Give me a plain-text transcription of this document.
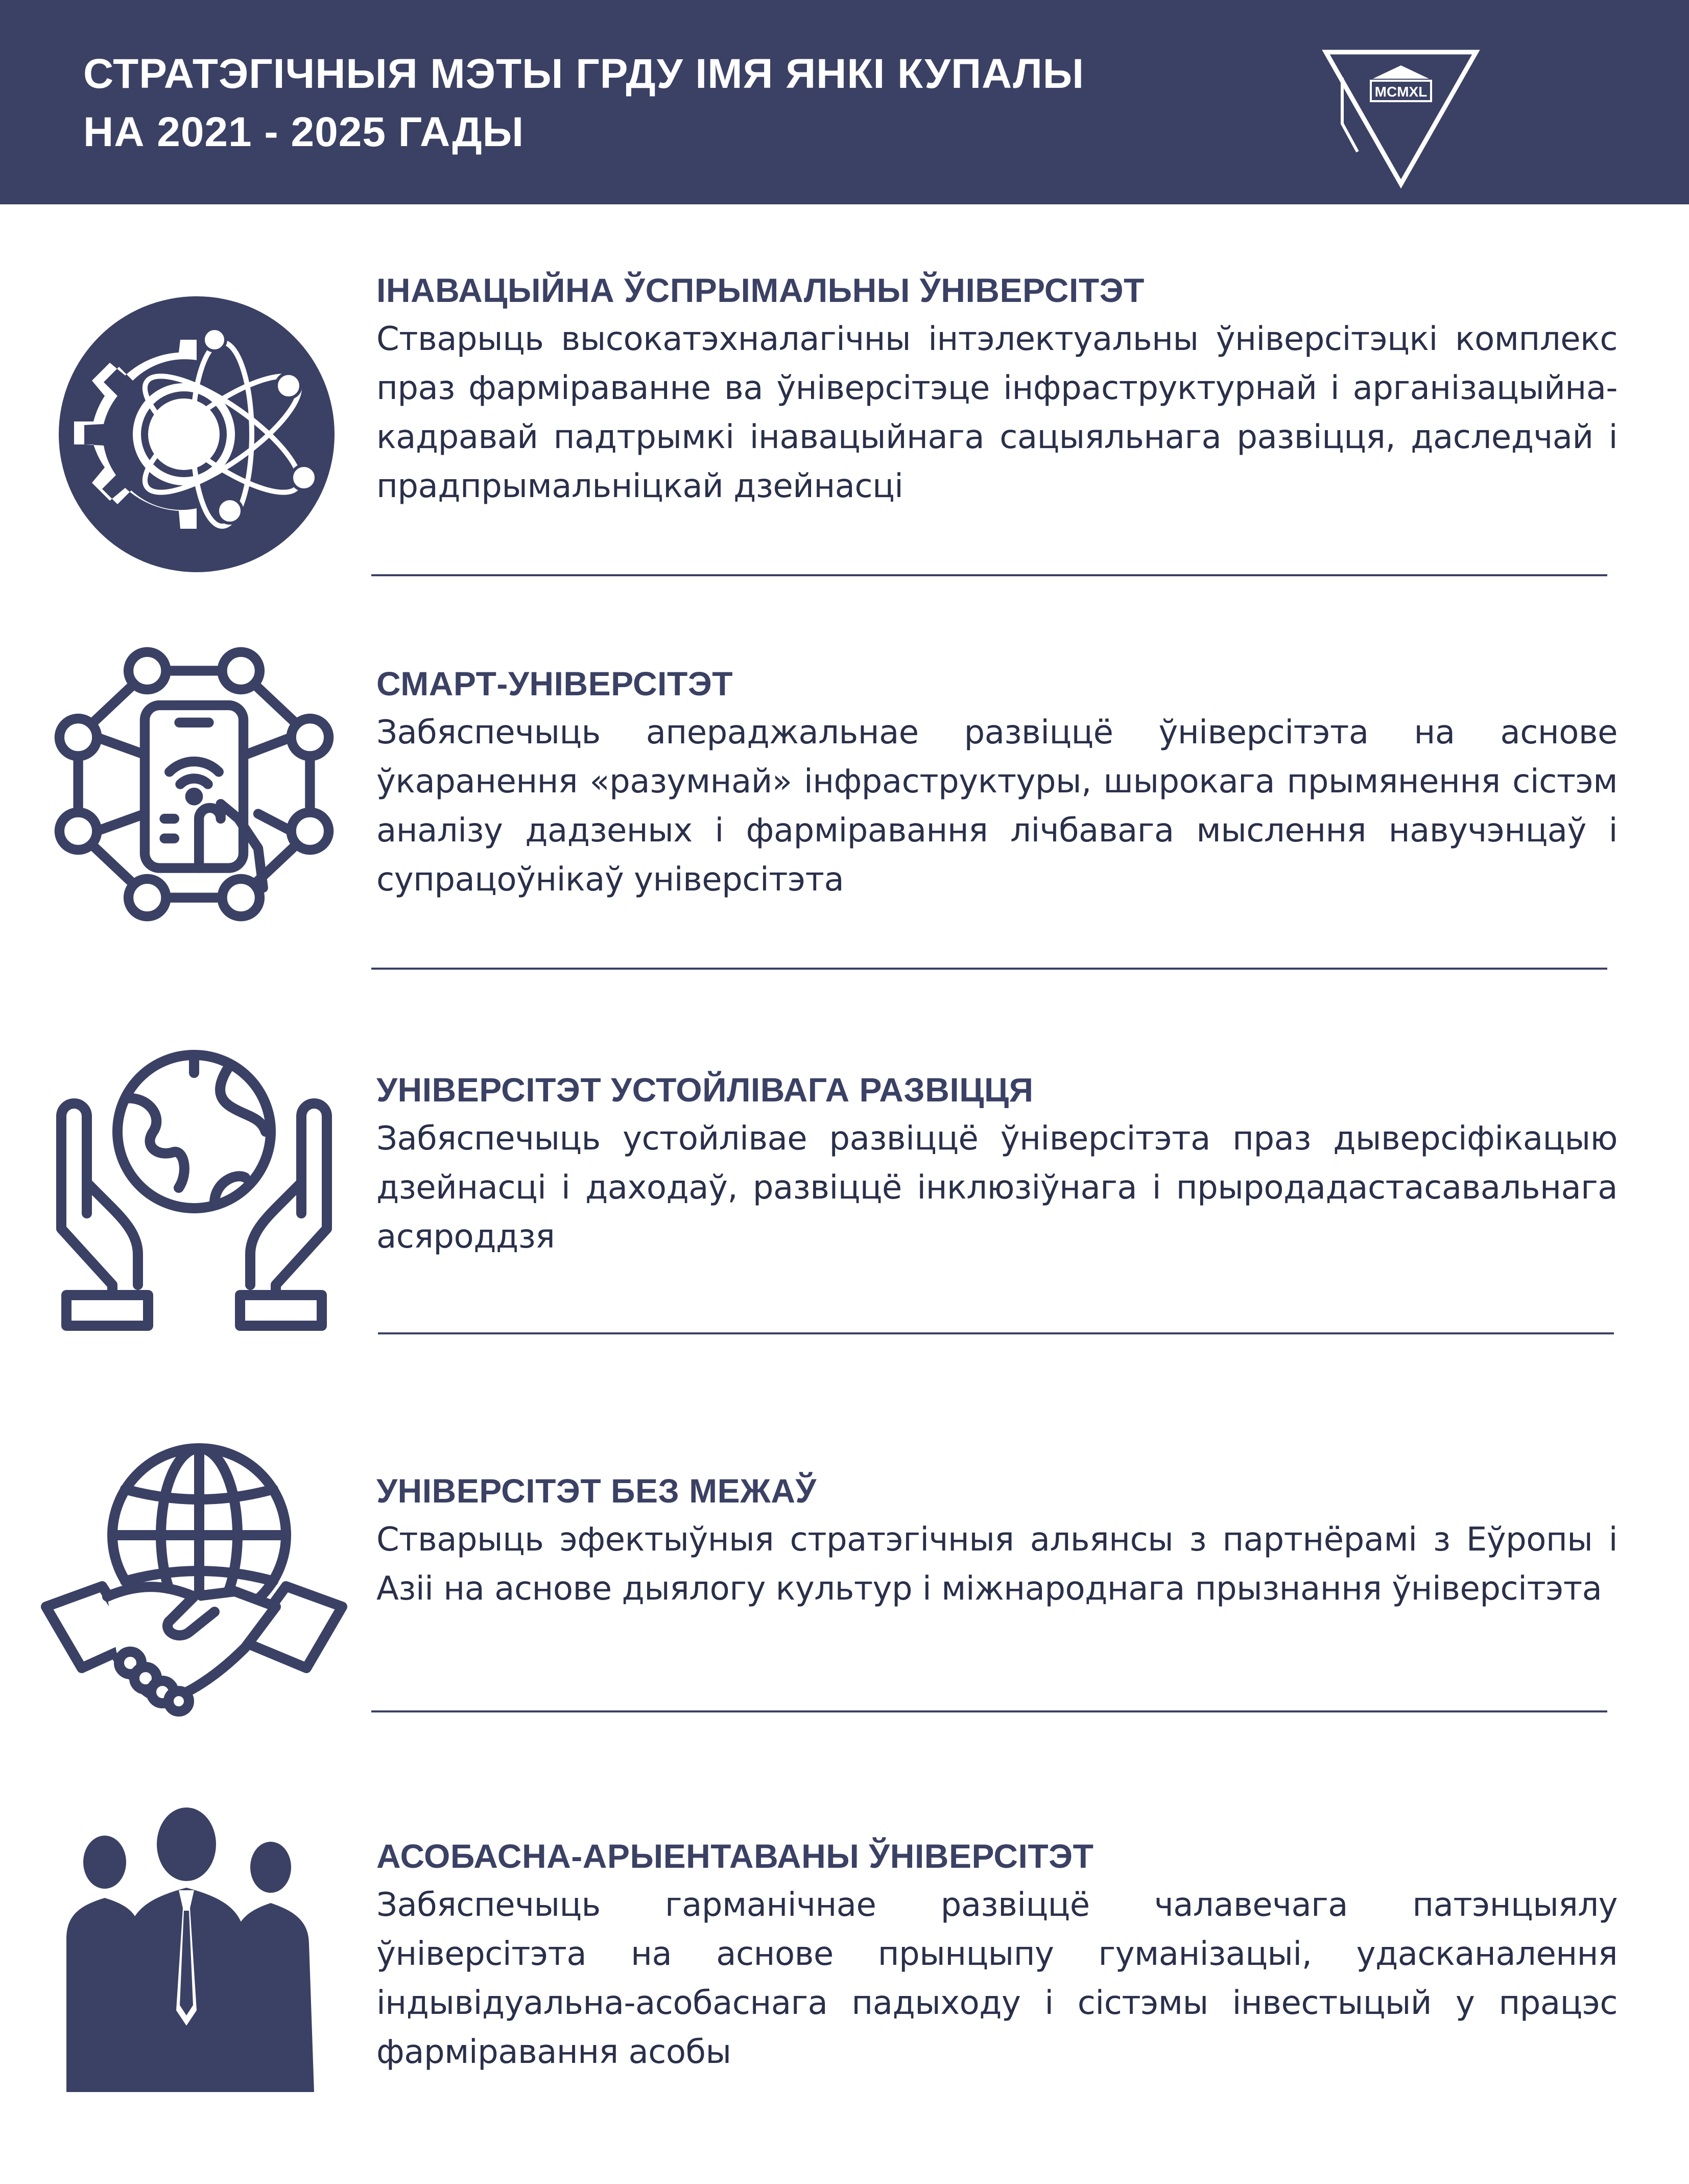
СТРАТЭГІЧНЫЯ МЭТЫ ГРДУ ІМЯ ЯНКІ КУПАЛЫ
НА 2021 - 2025 ГАДЫ
MCMXL
ІНАВАЦЫЙНА ЎСПРЫМАЛЬНЫ ЎНІВЕРСІТЭТ
Стварыць высокатэхналагічны інтэлектуальны ўніверсітэцкі комплекс праз фарміраванне ва ўніверсітэце інфраструктурнай і арганізацыйна-кадравай падтрымкі інавацыйнага сацыяльнага развіцця, даследчай і прадпрымальніцкай дзейнасці
СМАРТ-УНІВЕРСІТЭТ
Забяспечыць апераджальнае развіццё ўніверсітэта на аснове ўкаранення «разумнай» інфраструктуры, шырокага прымянення сістэм аналізу дадзеных і фарміравання лічбавага мыслення навучэнцаў і супрацоўнікаў універсітэта
УНІВЕРСІТЭТ УСТОЙЛІВАГА РАЗВІЦЦЯ
Забяспечыць устойлівае развіццё ўніверсітэта праз дыверсіфікацыю дзейнасці і даходаў, развіццё інклюзіўнага і прыродадастасавальнага асяроддзя
УНІВЕРСІТЭТ БЕЗ МЕЖАЎ
Стварыць эфектыўныя стратэгічныя альянсы з партнёрамі з Еўропы і Азіі на аснове дыялогу культур і міжнароднага прызнання ўніверсітэта
АСОБАСНА-АРЫЕНТАВАНЫ ЎНІВЕРСІТЭТ
Забяспечыць гарманічнае развіццё чалавечага патэнцыялу ўніверсітэта на аснове прынцыпу гуманізацыі, удасканалення індывідуальна-асобаснага падыходу і сістэмы інвестыцый у працэс фарміравання асобы
